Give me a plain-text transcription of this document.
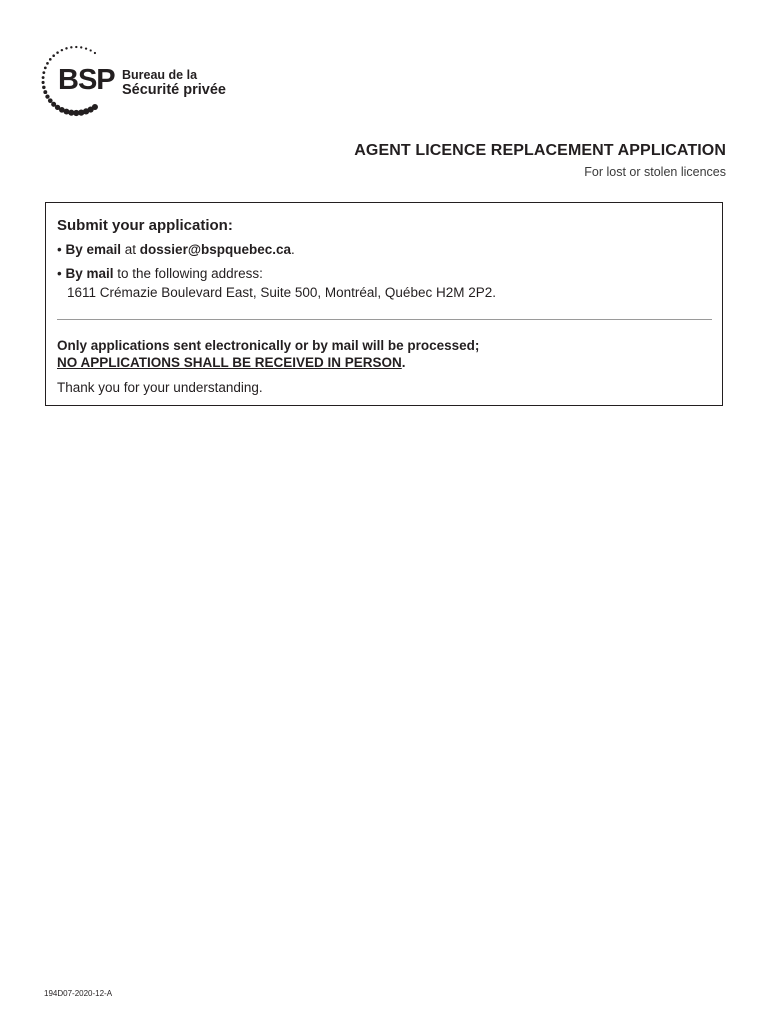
BSP Bureau de la
Sécurité privée
AGENT LICENCE REPLACEMENT APPLICATION
For lost or stolen licences
Submit your application:
• By email at dossier@bspquebec.ca.
• By mail to the following address:
1611 Crémazie Boulevard East, Suite 500, Montréal, Québec H2M 2P2.
Only applications sent electronically or by mail will be processed;
NO APPLICATIONS SHALL BE RECEIVED IN PERSON.
Thank you for your understanding.
194D07-2020-12-A
